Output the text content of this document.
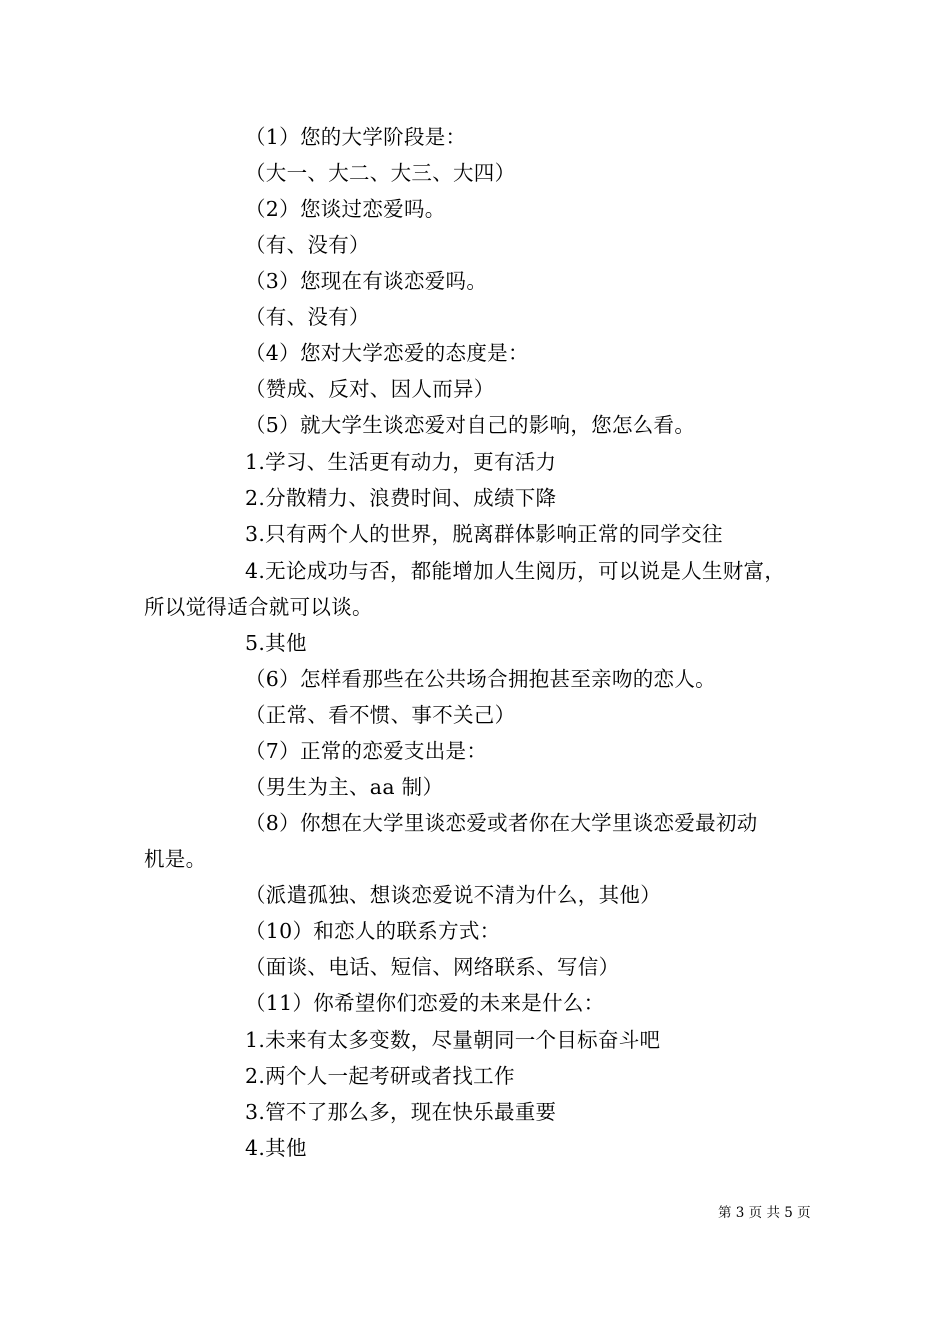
（1）您的大学阶段是：
（大一、大二、大三、大四）
（2）您谈过恋爱吗。
（有、没有）
（3）您现在有谈恋爱吗。
（有、没有）
（4）您对大学恋爱的态度是：
（赞成、反对、因人而异）
（5）就大学生谈恋爱对自己的影响，您怎么看。
1.学习、生活更有动力，更有活力
2.分散精力、浪费时间、成绩下降
3.只有两个人的世界，脱离群体影响正常的同学交往
4.无论成功与否，都能增加人生阅历，可以说是人生财富，
所以觉得适合就可以谈。
5.其他
（6）怎样看那些在公共场合拥抱甚至亲吻的恋人。
（正常、看不惯、事不关己）
（7）正常的恋爱支出是：
（男生为主、aa 制）
（8）你想在大学里谈恋爱或者你在大学里谈恋爱最初动
机是。
（派遣孤独、想谈恋爱说不清为什么，其他）
（10）和恋人的联系方式：
（面谈、电话、短信、网络联系、写信）
（11）你希望你们恋爱的未来是什么：
1.未来有太多变数，尽量朝同一个目标奋斗吧
2.两个人一起考研或者找工作
3.管不了那么多，现在快乐最重要
4.其他
第 3 页 共 5 页
